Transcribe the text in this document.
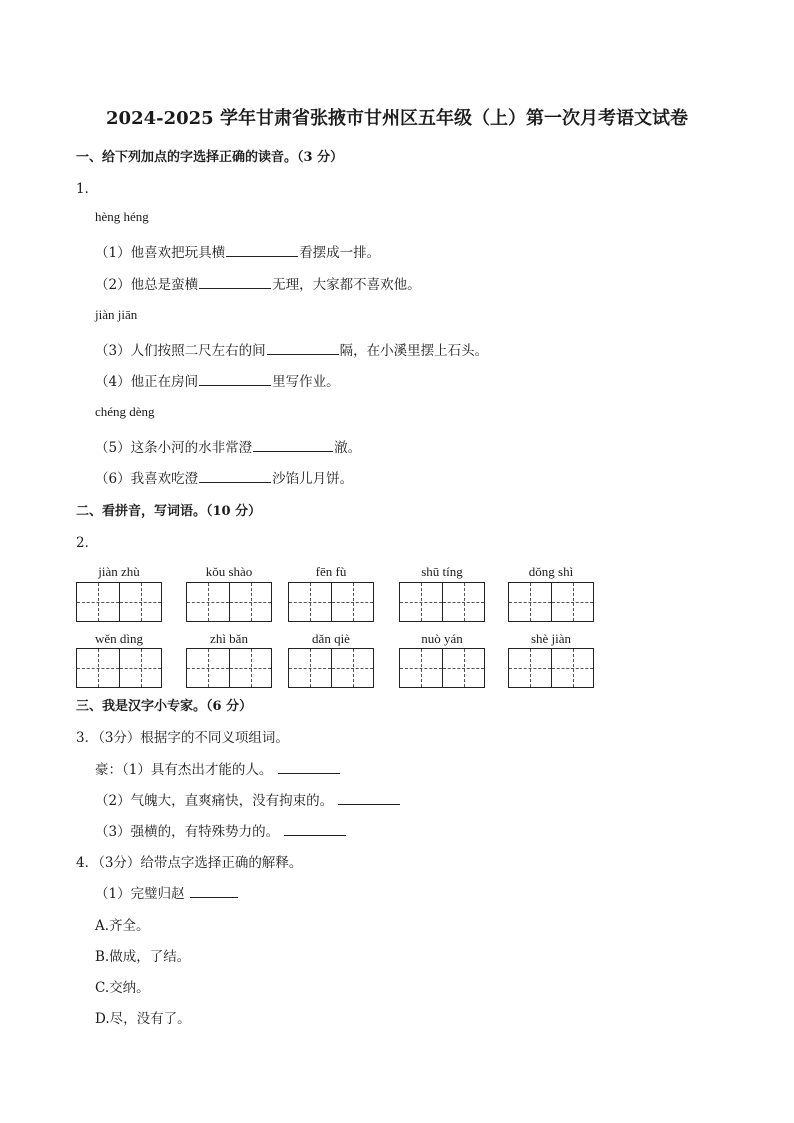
2024-2025 学年甘肃省张掖市甘州区五年级（上）第一次月考语文试卷
一、给下列加点的字选择正确的读音。（3 分）
1．
hèng héng
（1）他喜欢把玩具横	看摆成一排。
（2）他总是蛮横	无理，大家都不喜欢他。
jiàn jiān
（3）人们按照二尺左右的间	隔，在小溪里摆上石头。
（4）他正在房间	里写作业。
chéng dèng
（5）这条小河的水非常澄	澈。
（6）我喜欢吃澄	沙馅儿月饼。
二、看拼音，写词语。（10 分）
2．
三、我是汉字小专家。（6 分）
3．（3分）根据字的不同义项组词。
豪：（1）具有杰出才能的人。
（2）气魄大，直爽痛快，没有拘束的。
（3）强横的，有特殊势力的。
4．（3分）给带点字选择正确的解释。
（1）完璧归赵
A.齐全。
B.做成，了结。
C.交纳。
D.尽，没有了。
jiàn zhù	kǒu shào	fēn fù	shū tíng	dǒng shì
wěn dìng	zhì bǎn	dǎn qiè	nuò yán	shè jiàn
